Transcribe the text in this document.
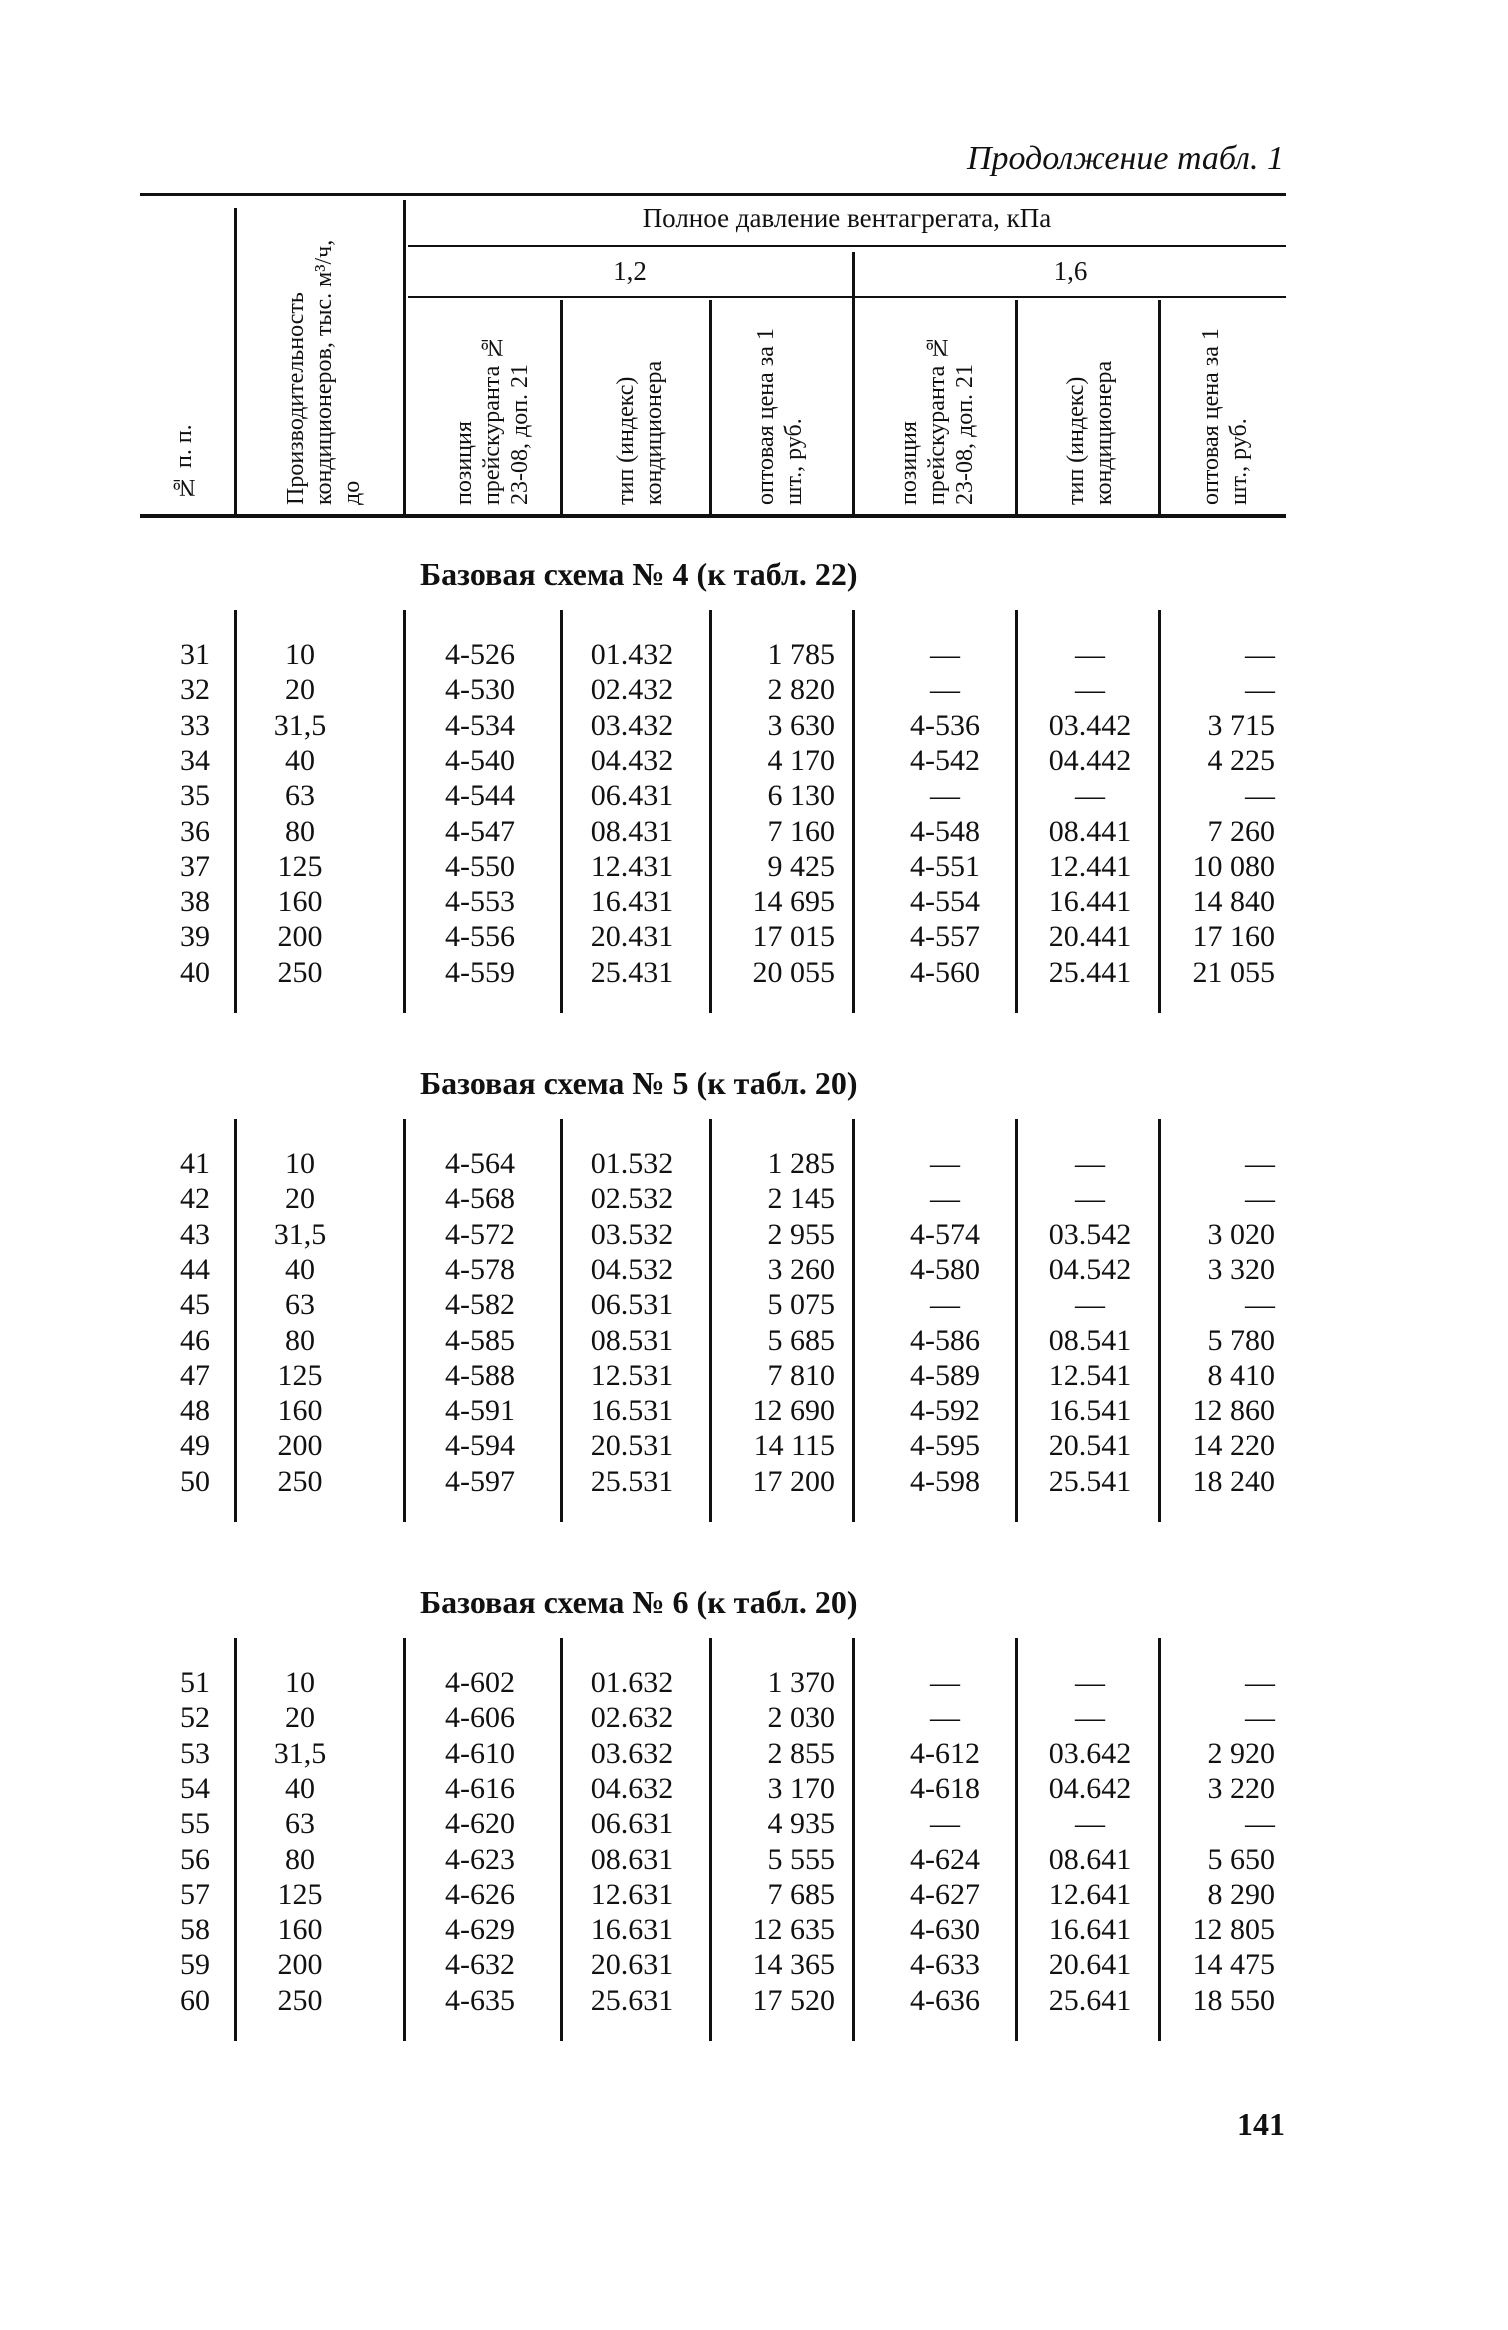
Продолжение табл. 1
Полное давление вентагрегата, кПа
1,2	1,6
№ п. п.	Производительность кондиционеров, тыс. м³/ч, до	позиция прейскуранта № 23-08, доп. 21	тип (индекс) кондиционера	оптовая цена за 1 шт., руб.	позиция прейскуранта № 23-08, доп. 21	тип (индекс) кондиционера	оптовая цена за 1 шт., руб.
Базовая схема № 4 (к табл. 22)
31	10	4-526	01.432	1 785	—	—	—
32	20	4-530	02.432	2 820	—	—	—
33	31,5	4-534	03.432	3 630	4-536	03.442	3 715
34	40	4-540	04.432	4 170	4-542	04.442	4 225
35	63	4-544	06.431	6 130	—	—	—
36	80	4-547	08.431	7 160	4-548	08.441	7 260
37	125	4-550	12.431	9 425	4-551	12.441	10 080
38	160	4-553	16.431	14 695	4-554	16.441	14 840
39	200	4-556	20.431	17 015	4-557	20.441	17 160
40	250	4-559	25.431	20 055	4-560	25.441	21 055
Базовая схема № 5 (к табл. 20)
41	10	4-564	01.532	1 285	—	—	—
42	20	4-568	02.532	2 145	—	—	—
43	31,5	4-572	03.532	2 955	4-574	03.542	3 020
44	40	4-578	04.532	3 260	4-580	04.542	3 320
45	63	4-582	06.531	5 075	—	—	—
46	80	4-585	08.531	5 685	4-586	08.541	5 780
47	125	4-588	12.531	7 810	4-589	12.541	8 410
48	160	4-591	16.531	12 690	4-592	16.541	12 860
49	200	4-594	20.531	14 115	4-595	20.541	14 220
50	250	4-597	25.531	17 200	4-598	25.541	18 240
Базовая схема № 6 (к табл. 20)
51	10	4-602	01.632	1 370	—	—	—
52	20	4-606	02.632	2 030	—	—	—
53	31,5	4-610	03.632	2 855	4-612	03.642	2 920
54	40	4-616	04.632	3 170	4-618	04.642	3 220
55	63	4-620	06.631	4 935	—	—	—
56	80	4-623	08.631	5 555	4-624	08.641	5 650
57	125	4-626	12.631	7 685	4-627	12.641	8 290
58	160	4-629	16.631	12 635	4-630	16.641	12 805
59	200	4-632	20.631	14 365	4-633	20.641	14 475
60	250	4-635	25.631	17 520	4-636	25.641	18 550
141
